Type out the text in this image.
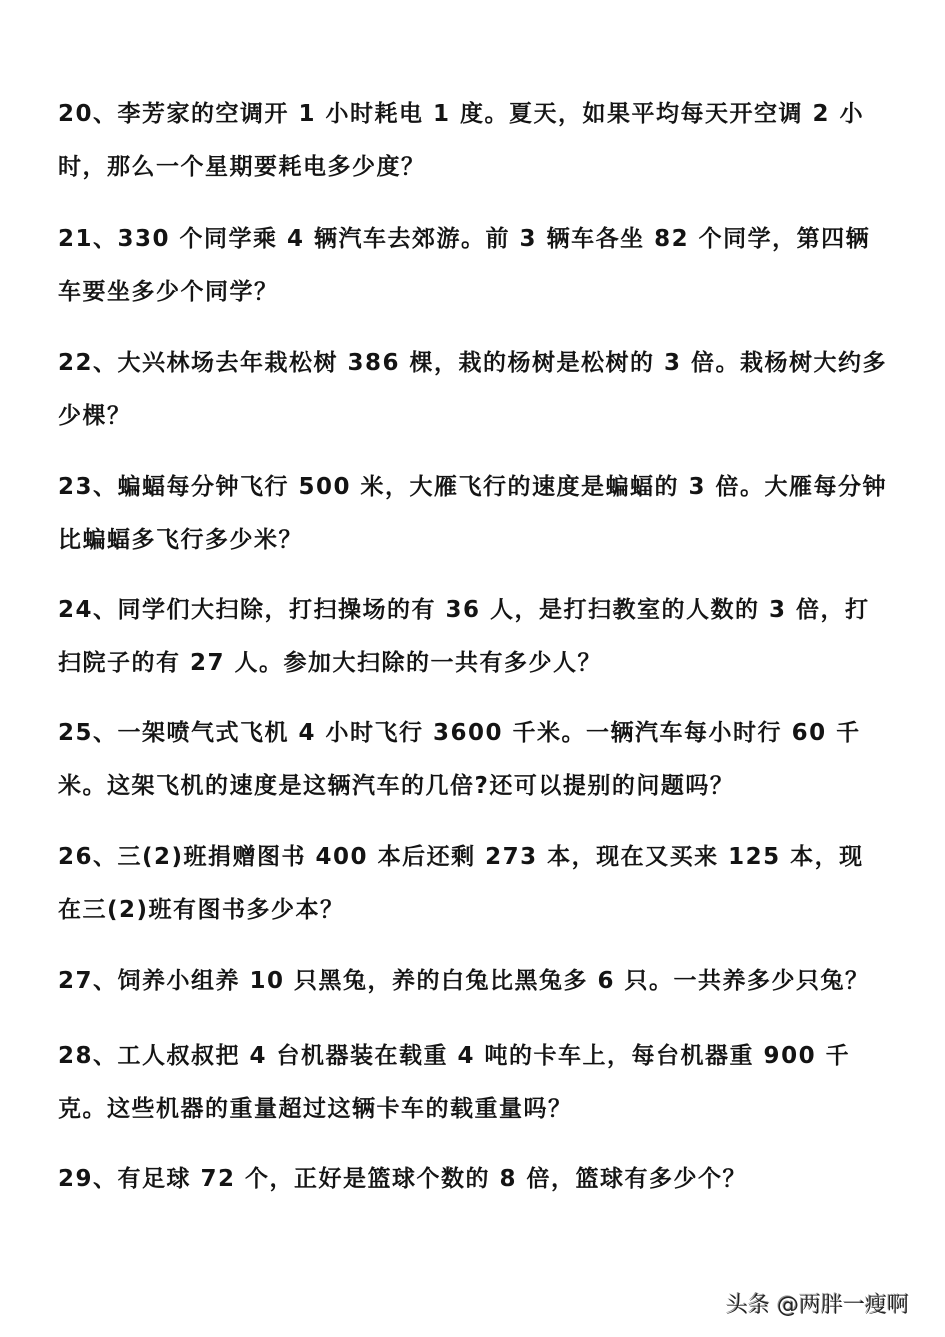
20、李芳家的空调开 1 小时耗电 1 度。夏天，如果平均每天开空调 2 小时，那么一个星期要耗电多少度？
21、330 个同学乘 4 辆汽车去郊游。前 3 辆车各坐 82 个同学，第四辆车要坐多少个同学？
22、大兴林场去年栽松树 386 棵，栽的杨树是松树的 3 倍。栽杨树大约多少棵？
23、蝙蝠每分钟飞行 500 米，大雁飞行的速度是蝙蝠的 3 倍。大雁每分钟比蝙蝠多飞行多少米？
24、同学们大扫除，打扫操场的有 36 人，是打扫教室的人数的 3 倍，打扫院子的有 27 人。参加大扫除的一共有多少人？
25、一架喷气式飞机 4 小时飞行 3600 千米。一辆汽车每小时行 60 千米。这架飞机的速度是这辆汽车的几倍?还可以提别的问题吗？
26、三(2)班捐赠图书 400 本后还剩 273 本，现在又买来 125 本，现在三(2)班有图书多少本？
27、饲养小组养 10 只黑兔，养的白兔比黑兔多 6 只。一共养多少只兔？
28、工人叔叔把 4 台机器装在载重 4 吨的卡车上，每台机器重 900 千克。这些机器的重量超过这辆卡车的载重量吗？
29、有足球 72 个，正好是篮球个数的 8 倍，篮球有多少个？
头条 @两胖一瘦啊
